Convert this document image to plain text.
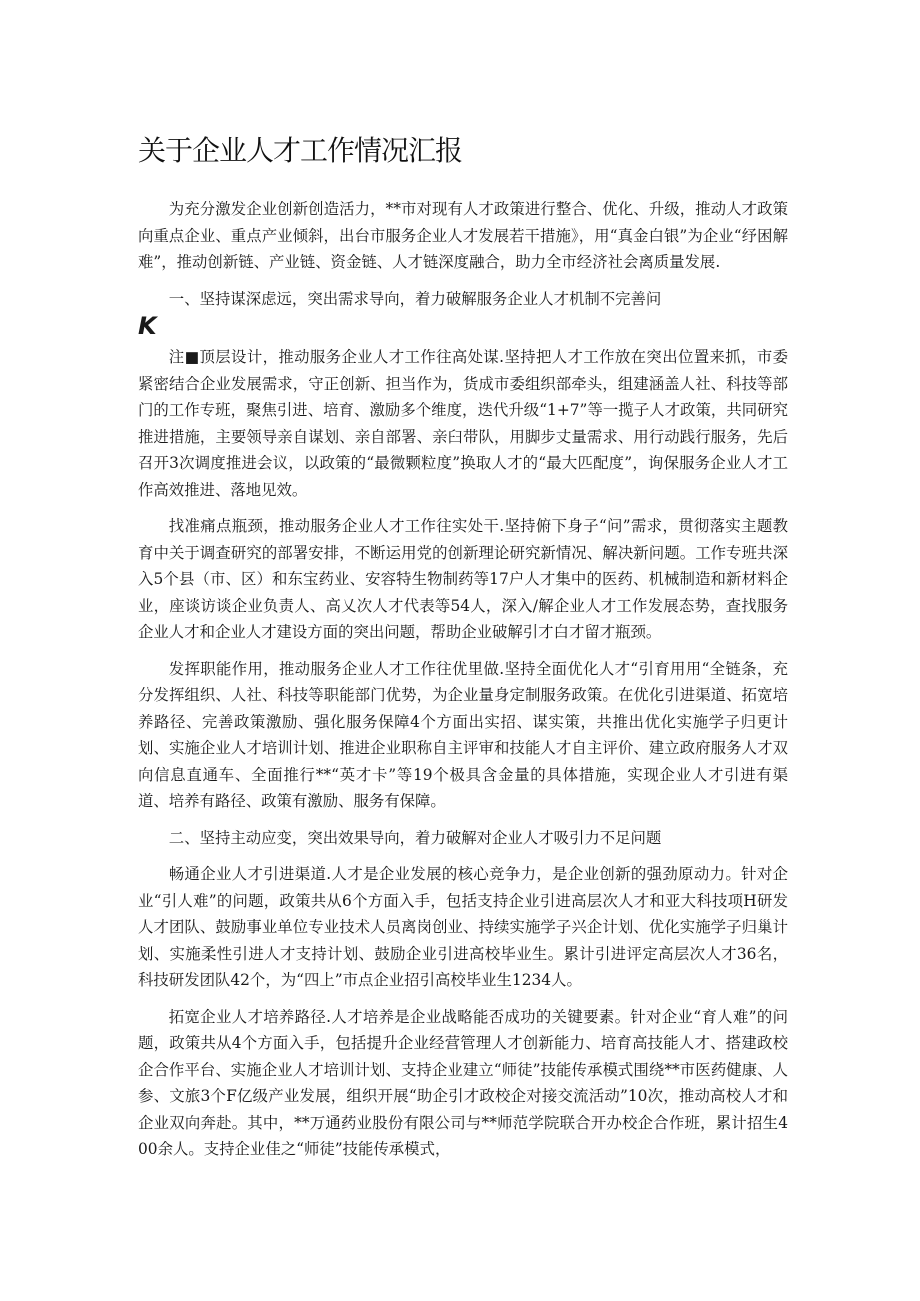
关于企业人才工作情况汇报

为充分激发企业创新创造活力，**市对现有人才政策进行整合、优化、升级，推动人才政策向重点企业、重点产业倾斜，出台市服务企业人才发展若干措施》，用“真金白银”为企业“纾困解难”，推动创新链、产业链、资金链、人才链深度融合，助力全市经济社会离质量发展.

一、坚持谋深虑远，突出需求导向，着力破解服务企业人才机制不完善问

K

注■顶层设计，推动服务企业人才工作往高处谋.坚持把人才工作放在突出位置来抓，市委紧密结合企业发展需求，守正创新、担当作为，货成市委组织部牵头，组建涵盖人社、科技等部门的工作专班，聚焦引进、培育、激励多个维度，迭代升级“1+7”等一揽子人才政策，共同研究推进措施，主要领导亲自谋划、亲自部署、亲臼带队，用脚步丈量需求、用行动践行服务，先后召开3次调度推进会议，以政策的“最微颗粒度”换取人才的“最大匹配度”，询保服务企业人才工作高效推进、落地见效。

找准痛点瓶颈，推动服务企业人才工作往实处干.坚持俯下身子“问”需求，贯彻落实主题教育中关于调查研究的部署安排，不断运用党的创新理论研究新情况、解决新问题。工作专班共深入5个县（市、区）和东宝药业、安容特生物制药等17户人才集中的医药、机械制造和新材料企业，座谈访谈企业负责人、高乂次人才代表等54人，深入/解企业人才工作发展态势，查找服务企业人才和企业人才建设方面的突出问题，帮助企业破解引才白才留才瓶颈。

发挥职能作用，推动服务企业人才工作往优里做.坚持全面优化人才“引育用用“全链条，充分发挥组织、人社、科技等职能部门优势，为企业量身定制服务政策。在优化引进渠道、拓宽培养路径、完善政策激励、强化服务保障4个方面出实招、谋实策，共推出优化实施学子归更计划、实施企业人才培训计划、推进企业职称自主评审和技能人才自主评价、建立政府服务人才双向信息直通车、全面推行**“英才卡”等19个极具含金量的具体措施，实现企业人才引进有渠道、培养有路径、政策有激励、服务有保障。

二、坚持主动应变，突出效果导向，着力破解对企业人才吸引力不足问题

畅通企业人才引进渠道.人才是企业发展的核心竞争力，是企业创新的强劲原动力。针对企业“引人难”的问题，政策共从6个方面入手，包括支持企业引进高层次人才和亚大科技项H研发人才团队、鼓励事业单位专业技术人员离岗创业、持续实施学子兴企计划、优化实施学子归巢计划、实施柔性引进人才支持计划、鼓励企业引进高校毕业生。累计引进评定高层次人才36名，科技研发团队42个，为“四上”市点企业招引高校毕业生1234人。

拓宽企业人才培养路径.人才培养是企业战略能否成功的关键要素。针对企业“育人难”的问题，政策共从4个方面入手，包括提升企业经营管理人才创新能力、培育高技能人才、搭建政校企合作平台、实施企业人才培训计划、支持企业建立“师徒”技能传承模式围绕**市医药健康、人参、文旅3个F亿级产业发展，组织开展“助企引才政校企对接交流活动”10次，推动高校人才和企业双向奔赴。其中，**万通药业股份有限公司与**师范学院联合开办校企合作班，累计招生400余人。支持企业佳之“师徒”技能传承模式，
